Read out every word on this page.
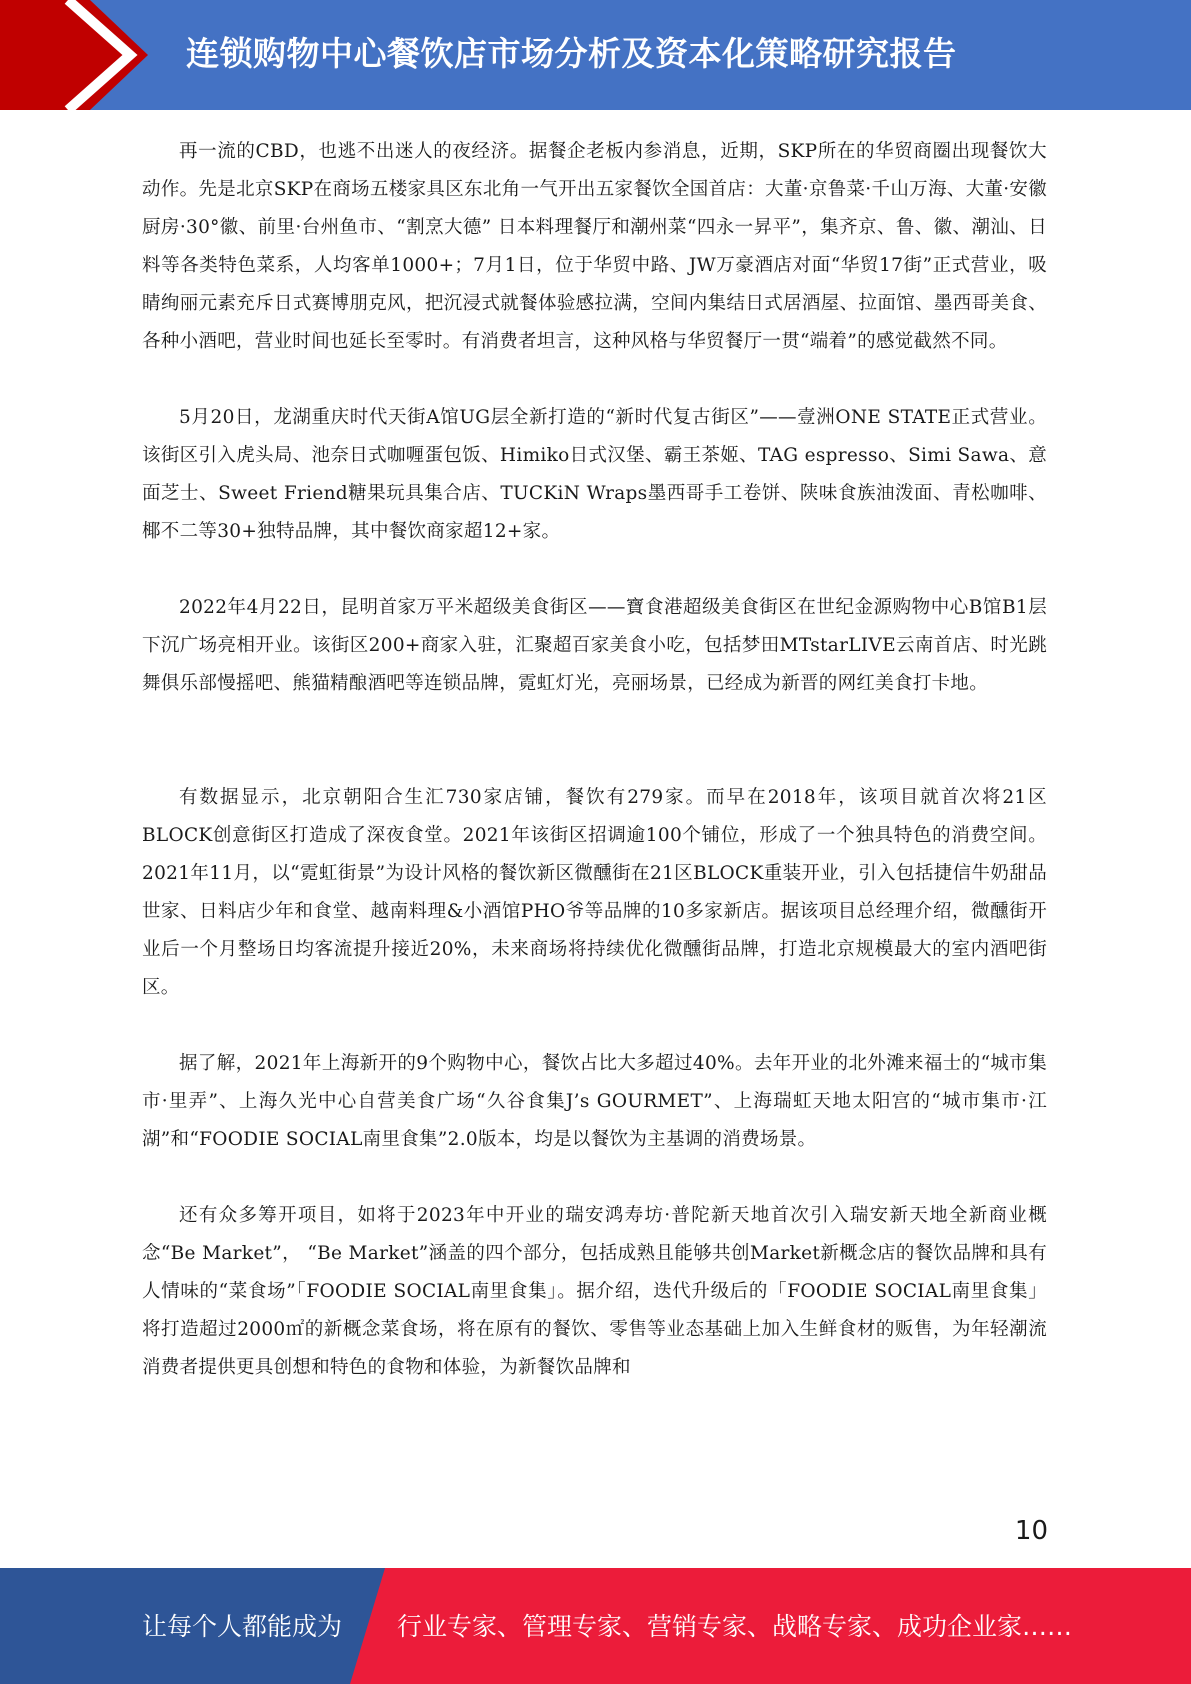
连锁购物中心餐饮店市场分析及资本化策略研究报告

再一流的CBD，也逃不出迷人的夜经济。据餐企老板内参消息，近期，SKP所在的华贸商圈出现餐饮大动作。先是北京SKP在商场五楼家具区东北角一气开出五家餐饮全国首店：大董·京鲁菜·千山万海、大董·安徽厨房·30°徽、前里·台州鱼市、“割烹大德” 日本料理餐厅和潮州菜“四永一昇平”，集齐京、鲁、徽、潮汕、日料等各类特色菜系，人均客单1000+；7月1日，位于华贸中路、JW万豪酒店对面“华贸17街”正式营业，吸睛绚丽元素充斥日式赛博朋克风，把沉浸式就餐体验感拉满，空间内集结日式居酒屋、拉面馆、墨西哥美食、各种小酒吧，营业时间也延长至零时。有消费者坦言，这种风格与华贸餐厅一贯“端着”的感觉截然不同。

5月20日，龙湖重庆时代天街A馆UG层全新打造的“新时代复古街区”——壹洲ONE STATE正式营业。该街区引入虎头局、池奈日式咖喱蛋包饭、Himiko日式汉堡、霸王茶姬、TAG espresso、Simi Sawa、意面芝士、Sweet Friend糖果玩具集合店、TUCKiN Wraps墨西哥手工卷饼、陕味食族油泼面、青松咖啡、椰不二等30+独特品牌，其中餐饮商家超12+家。

2022年4月22日，昆明首家万平米超级美食街区——寶食港超级美食街区在世纪金源购物中心B馆B1层下沉广场亮相开业。该街区200+商家入驻，汇聚超百家美食小吃，包括梦田MTstarLIVE云南首店、时光跳舞俱乐部慢摇吧、熊猫精酿酒吧等连锁品牌，霓虹灯光，亮丽场景，已经成为新晋的网红美食打卡地。

有数据显示，北京朝阳合生汇730家店铺，餐饮有279家。而早在2018年，该项目就首次将21区BLOCK创意街区打造成了深夜食堂。2021年该街区招调逾100个铺位，形成了一个独具特色的消费空间。2021年11月，以“霓虹街景”为设计风格的餐饮新区微醺街在21区BLOCK重装开业，引入包括捷信牛奶甜品世家、日料店少年和食堂、越南料理&小酒馆PHO爷等品牌的10多家新店。据该项目总经理介绍，微醺街开业后一个月整场日均客流提升接近20%，未来商场将持续优化微醺街品牌，打造北京规模最大的室内酒吧街区。

据了解，2021年上海新开的9个购物中心，餐饮占比大多超过40%。去年开业的北外滩来福士的“城市集市·里弄”、上海久光中心自营美食广场“久谷食集J’s GOURMET”、上海瑞虹天地太阳宫的“城市集市·江湖”和“FOODIE SOCIAL南里食集”2.0版本，均是以餐饮为主基调的消费场景。

还有众多筹开项目，如将于2023年中开业的瑞安鸿寿坊·普陀新天地首次引入瑞安新天地全新商业概念“Be Market”， “Be Market”涵盖的四个部分，包括成熟且能够共创Market新概念店的餐饮品牌和具有人情味的“菜食场”「FOODIE SOCIAL南里食集」。据介绍，迭代升级后的「FOODIE SOCIAL南里食集」将打造超过2000㎡的新概念菜食场，将在原有的餐饮、零售等业态基础上加入生鲜食材的贩售，为年轻潮流消费者提供更具创想和特色的食物和体验，为新餐饮品牌和

10
让每个人都能成为 行业专家、管理专家、营销专家、战略专家、成功企业家……
